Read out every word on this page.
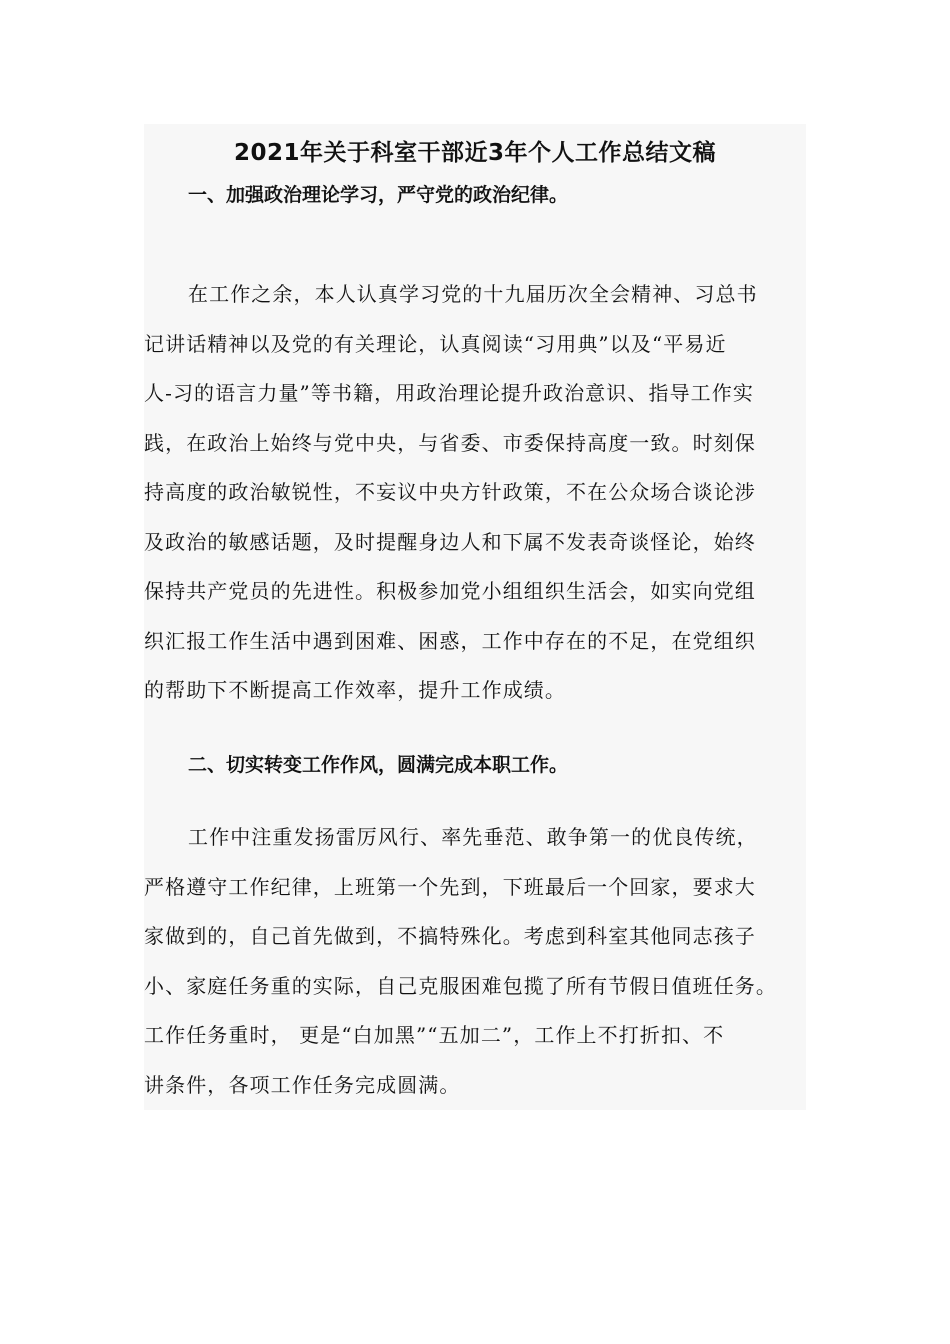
2021年关于科室干部近3年个人工作总结文稿
一、加强政治理论学习，严守党的政治纪律。
在工作之余，本人认真学习党的十九届历次全会精神、习总书
记讲话精神以及党的有关理论，认真阅读“习用典”以及“平易近
人-习的语言力量”等书籍，用政治理论提升政治意识、指导工作实
践，在政治上始终与党中央，与省委、市委保持高度一致。时刻保
持高度的政治敏锐性，不妄议中央方针政策，不在公众场合谈论涉
及政治的敏感话题，及时提醒身边人和下属不发表奇谈怪论，始终
保持共产党员的先进性。积极参加党小组组织生活会，如实向党组
织汇报工作生活中遇到困难、困惑，工作中存在的不足，在党组织
的帮助下不断提高工作效率，提升工作成绩。
二、切实转变工作作风，圆满完成本职工作。
工作中注重发扬雷厉风行、率先垂范、敢争第一的优良传统，
严格遵守工作纪律，上班第一个先到，下班最后一个回家，要求大
家做到的，自己首先做到，不搞特殊化。考虑到科室其他同志孩子
小、家庭任务重的实际，自己克服困难包揽了所有节假日值班任务。
工作任务重时， 更是“白加黑”“五加二”，工作上不打折扣、不
讲条件，各项工作任务完成圆满。
